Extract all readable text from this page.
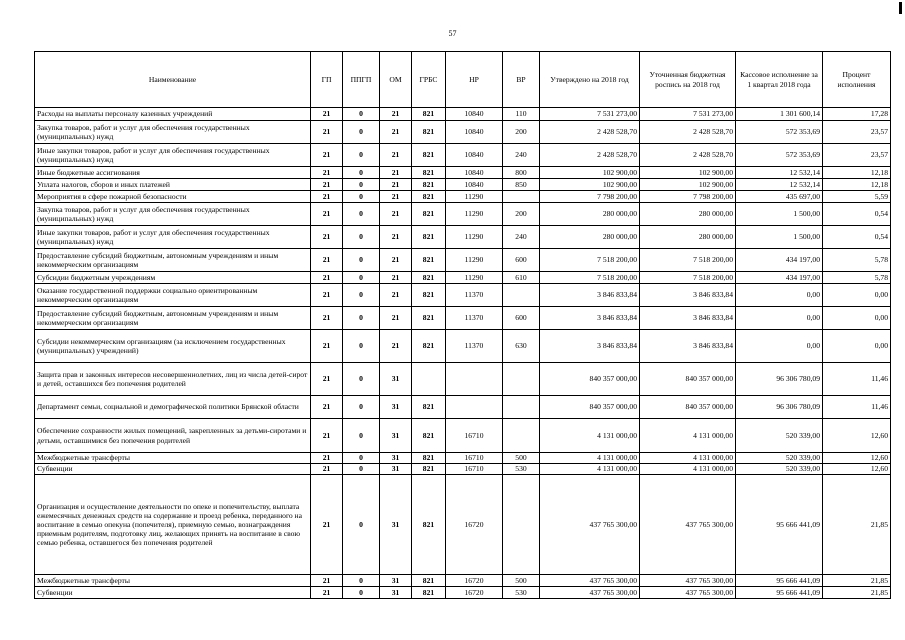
57
Наименование	ГП	ППГП	ОМ	ГРБС	НР	ВР	Утверждено на 2018 год	Уточненная бюджетная роспись на 2018 год	Кассовое исполнение за 1 квартал 2018 года	Процент исполнения
Расходы на выплаты персоналу казенных учреждений	21	0	21	821	10840	110	7 531 273,00	7 531 273,00	1 301 600,14	17,28
Закупка товаров, работ и услуг для обеспечения государственных (муниципальных) нужд	21	0	21	821	10840	200	2 428 528,70	2 428 528,70	572 353,69	23,57
Иные закупки товаров, работ и услуг для обеспечения государственных (муниципальных) нужд	21	0	21	821	10840	240	2 428 528,70	2 428 528,70	572 353,69	23,57
Иные бюджетные ассигнования	21	0	21	821	10840	800	102 900,00	102 900,00	12 532,14	12,18
Уплата налогов, сборов и иных платежей	21	0	21	821	10840	850	102 900,00	102 900,00	12 532,14	12,18
Мероприятия в сфере пожарной безопасности	21	0	21	821	11290		7 798 200,00	7 798 200,00	435 697,00	5,59
Закупка товаров, работ и услуг для обеспечения государственных (муниципальных) нужд	21	0	21	821	11290	200	280 000,00	280 000,00	1 500,00	0,54
Иные закупки товаров, работ и услуг для обеспечения государственных (муниципальных) нужд	21	0	21	821	11290	240	280 000,00	280 000,00	1 500,00	0,54
Предоставление субсидий бюджетным, автономным учреждениям и иным некоммерческим организациям	21	0	21	821	11290	600	7 518 200,00	7 518 200,00	434 197,00	5,78
Субсидии бюджетным учреждениям	21	0	21	821	11290	610	7 518 200,00	7 518 200,00	434 197,00	5,78
Оказание государственной поддержки социально ориентированным некоммерческим организациям	21	0	21	821	11370		3 846 833,84	3 846 833,84	0,00	0,00
Предоставление субсидий бюджетным, автономным учреждениям и иным некоммерческим организациям	21	0	21	821	11370	600	3 846 833,84	3 846 833,84	0,00	0,00
Субсидии некоммерческим организациям (за исключением государственных (муниципальных) учреждений)	21	0	21	821	11370	630	3 846 833,84	3 846 833,84	0,00	0,00
Защита прав и законных интересов несовершеннолетних, лиц из числа детей-сирот и детей, оставшихся без попечения родителей	21	0	31				840 357 000,00	840 357 000,00	96 306 780,09	11,46
Департамент семьи, социальной и демографической политики Брянской области	21	0	31	821			840 357 000,00	840 357 000,00	96 306 780,09	11,46
Обеспечение сохранности жилых помещений, закрепленных за детьми-сиротами и детьми, оставшимися без попечения родителей	21	0	31	821	16710		4 131 000,00	4 131 000,00	520 339,00	12,60
Межбюджетные трансферты	21	0	31	821	16710	500	4 131 000,00	4 131 000,00	520 339,00	12,60
Субвенции	21	0	31	821	16710	530	4 131 000,00	4 131 000,00	520 339,00	12,60
Организация и осуществление деятельности по опеке и попечительству, выплата ежемесячных денежных средств на содержание и проезд ребенка, переданного на воспитание в семью опекуна (попечителя), приемную семью, вознаграждения приемным родителям, подготовку лиц, желающих принять на воспитание в свою семью ребенка, оставшегося без попечения родителей	21	0	31	821	16720		437 765 300,00	437 765 300,00	95 666 441,09	21,85
Межбюджетные трансферты	21	0	31	821	16720	500	437 765 300,00	437 765 300,00	95 666 441,09	21,85
Субвенции	21	0	31	821	16720	530	437 765 300,00	437 765 300,00	95 666 441,09	21,85
